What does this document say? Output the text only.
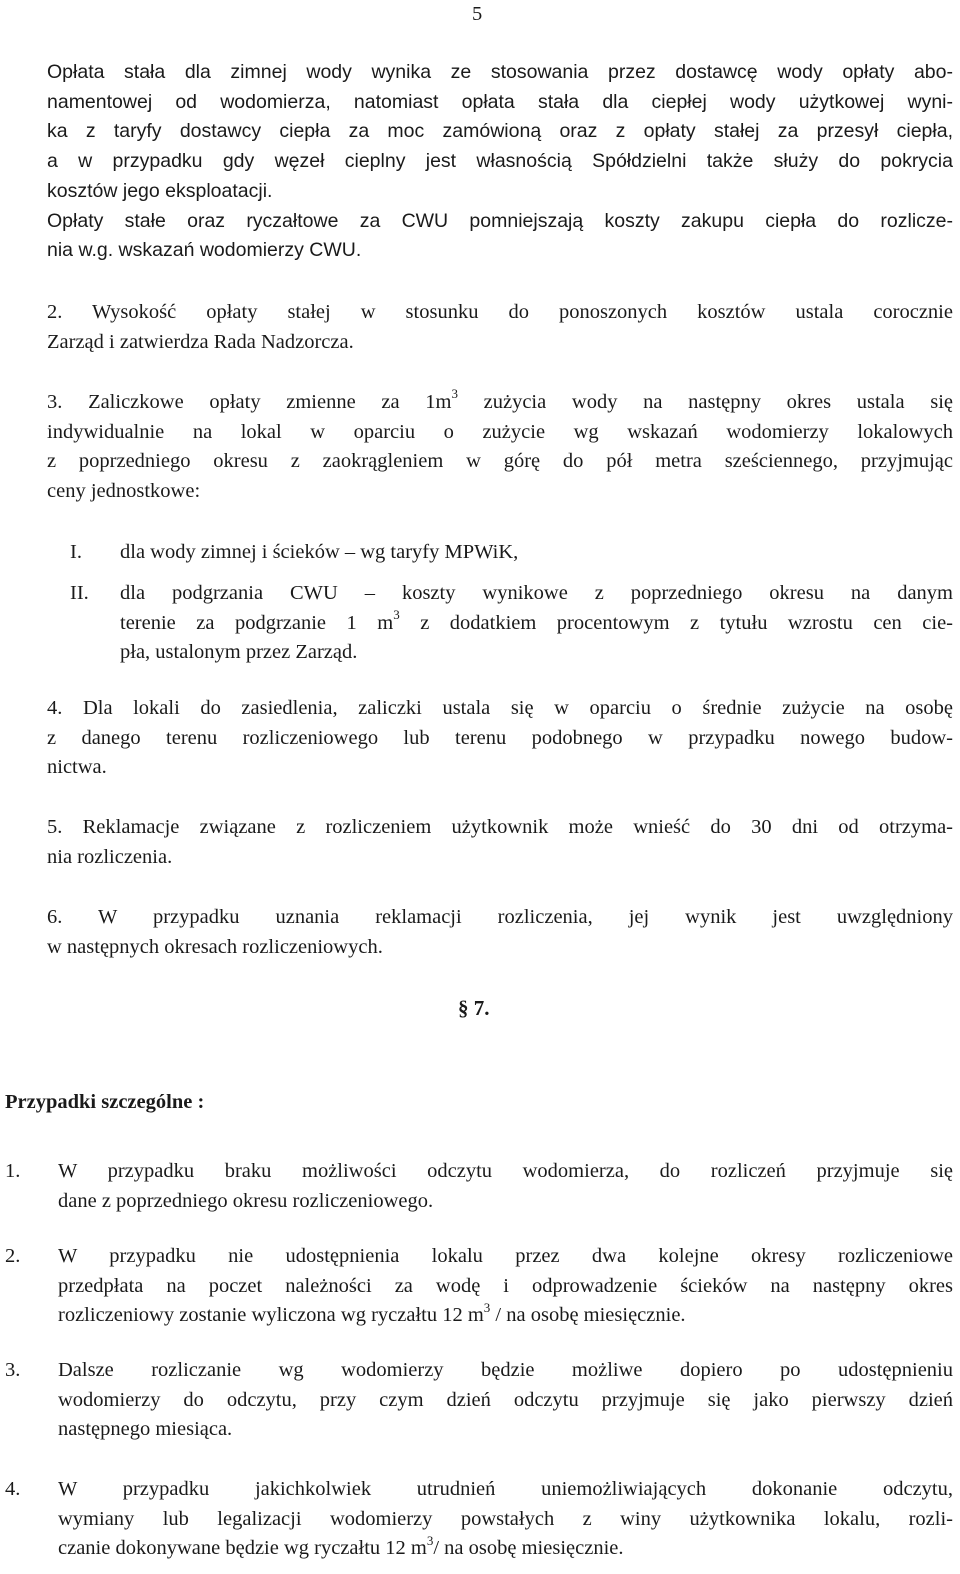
5
Opłata stała dla zimnej wody wynika ze stosowania przez dostawcę wody opłaty abo-
namentowej od wodomierza, natomiast opłata stała dla ciepłej wody użytkowej wyni-
ka z taryfy dostawcy ciepła za moc zamówioną oraz z opłaty stałej za przesył ciepła,
a w przypadku gdy węzeł cieplny jest własnością Spółdzielni także służy do pokrycia
kosztów jego eksploatacji.
Opłaty stałe oraz ryczałtowe za CWU pomniejszają koszty zakupu ciepła do rozlicze-
nia w.g. wskazań wodomierzy CWU.
2. Wysokość opłaty stałej w stosunku do ponoszonych kosztów ustala corocznie
Zarząd i zatwierdza Rada Nadzorcza.
3. Zaliczkowe opłaty zmienne za $1m^3$ zużycia wody na następny okres ustala się
indywidualnie na lokal w oparciu o zużycie wg wskazań wodomierzy lokalowych
z poprzedniego okresu z zaokrągleniem w górę do pół metra sześciennego, przyjmując
ceny jednostkowe:
I. dla wody zimnej i ścieków – wg taryfy MPWiK,
II. dla podgrzania CWU – koszty wynikowe z poprzedniego okresu na danym
terenie za podgrzanie 1 $m^3$ z dodatkiem procentowym z tytułu wzrostu cen cie-
pła, ustalonym przez Zarząd.
4. Dla lokali do zasiedlenia, zaliczki ustala się w oparciu o średnie zużycie na osobę
z danego terenu rozliczeniowego lub terenu podobnego w przypadku nowego budow-
nictwa.
5. Reklamacje związane z rozliczeniem użytkownik może wnieść do 30 dni od otrzyma-
nia rozliczenia.
6. W przypadku uznania reklamacji rozliczenia, jej wynik jest uwzględniony
w następnych okresach rozliczeniowych.
§ 7.
Przypadki szczególne :
1. W przypadku braku możliwości odczytu wodomierza, do rozliczeń przyjmuje się
dane z poprzedniego okresu rozliczeniowego.
2. W przypadku nie udostępnienia lokalu przez dwa kolejne okresy rozliczeniowe
przedpłata na poczet należności za wodę i odprowadzenie ścieków na następny okres
rozliczeniowy zostanie wyliczona wg ryczałtu 12 $m^3$ / na osobę miesięcznie.
3. Dalsze rozliczanie wg wodomierzy będzie możliwe dopiero po udostępnieniu
wodomierzy do odczytu, przy czym dzień odczytu przyjmuje się jako pierwszy dzień
następnego miesiąca.
4. W przypadku jakichkolwiek utrudnień uniemożliwiających dokonanie odczytu,
wymiany lub legalizacji wodomierzy powstałych z winy użytkownika lokalu, rozli-
czanie dokonywane będzie wg ryczałtu 12 $m^3/$ na osobę miesięcznie.
